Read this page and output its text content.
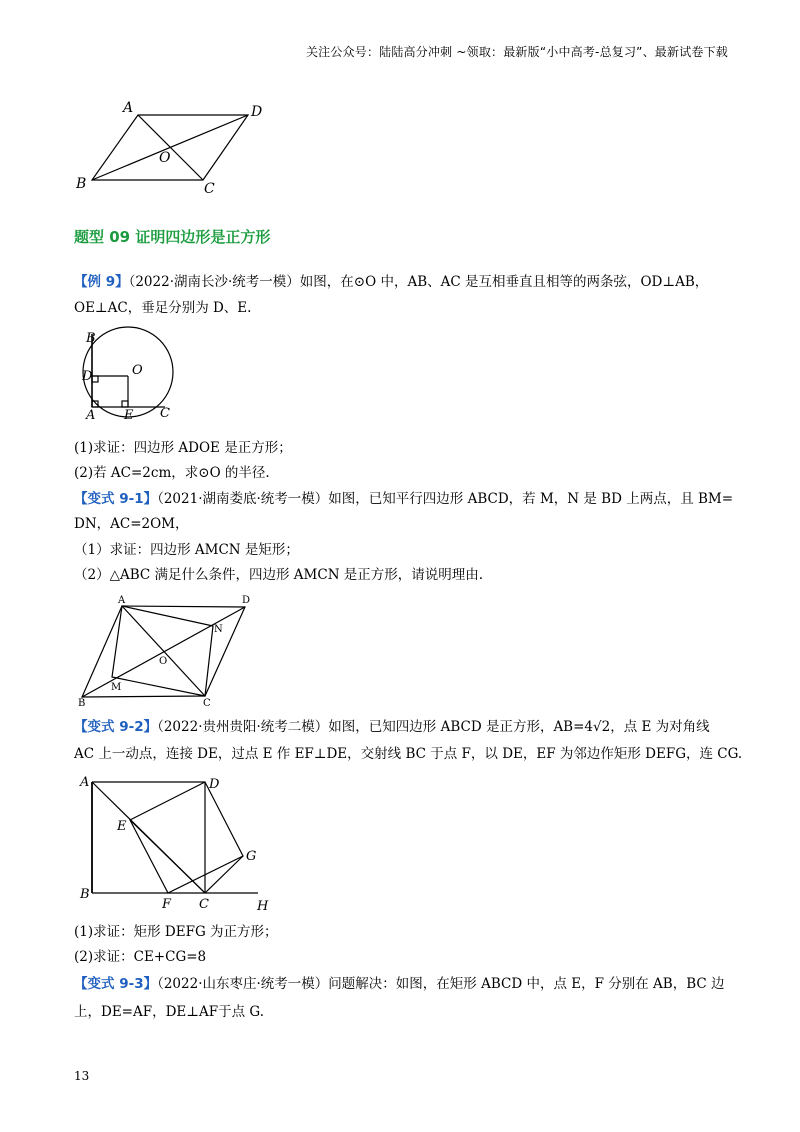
关注公众号：陆陆高分冲刺 ~领取：最新版“小中高考-总复习”、最新试卷下载
A	D
O
B	C
题型 09 证明四边形是正方形
【例 9】（2022·湖南长沙·统考一模）如图，在⊙O 中，AB、AC 是互相垂直且相等的两条弦，OD⊥AB，
OE⊥AC，垂足分别为 D、E.
B
D	O
A E C
(1)求证：四边形 ADOE 是正方形；
(2)若 AC=2cm，求⊙O 的半径.
【变式 9-1】（2021·湖南娄底·统考一模）如图，已知平行四边形 ABCD，若 M，N 是 BD 上两点，且 BM=
DN，AC=2OM，
（1）求证：四边形 AMCN 是矩形；
（2）△ABC 满足什么条件，四边形 AMCN 是正方形，请说明理由.
A	D
N
O
M
B	C
【变式 9-2】（2022·贵州贵阳·统考二模）如图，已知四边形 ABCD 是正方形，AB=4√2，点 E 为对角线
AC 上一动点，连接 DE，过点 E 作 EF⊥DE，交射线 BC 于点 F，以 DE，EF 为邻边作矩形 DEFG，连 CG.
A	D
E
G
B
F C	H
(1)求证：矩形 DEFG 为正方形；
(2)求证：CE+CG=8
【变式 9-3】（2022·山东枣庄·统考一模）问题解决：如图，在矩形 ABCD 中，点 E，F 分别在 AB，BC 边
上，DE=AF，DE⊥AF于点 G.
13
